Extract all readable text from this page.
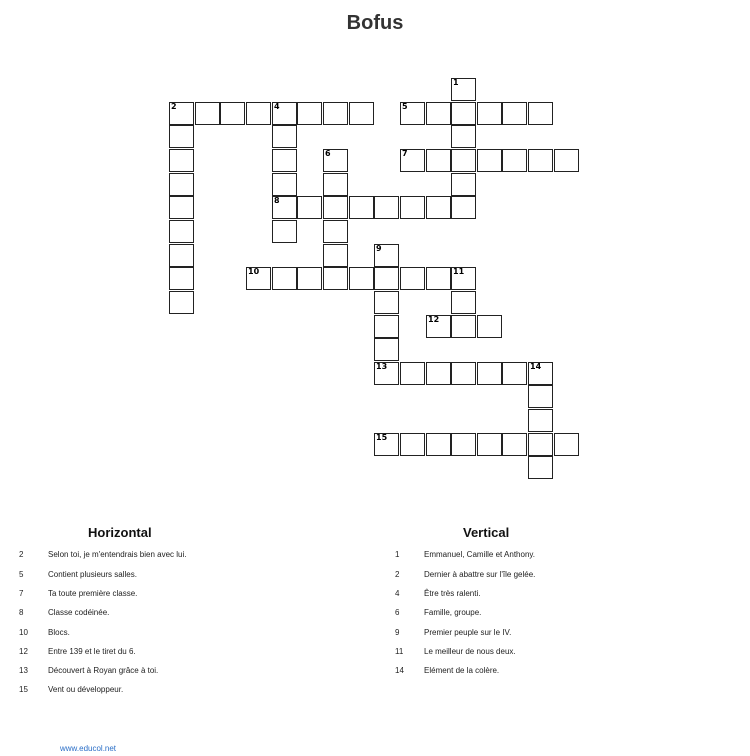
Bofus
2	4	5
7
8
10	11
12
13	14
15
1
6
9
Horizontal	Vertical
2	Selon toi, je m'entendrais bien avec lui.
5	Contient plusieurs salles.
7	Ta toute première classe.
8	Classe codéinée.
10	Blocs.
12	Entre 139 et le tiret du 6.
13	Découvert à Royan grâce à toi.
15	Vent ou développeur.
1	Emmanuel, Camille et Anthony.
2	Dernier à abattre sur l'île gelée.
4	Être très ralenti.
6	Famille, groupe.
9	Premier peuple sur le IV.
11	Le meilleur de nous deux.
14	Elément de la colère.
www.educol.net
